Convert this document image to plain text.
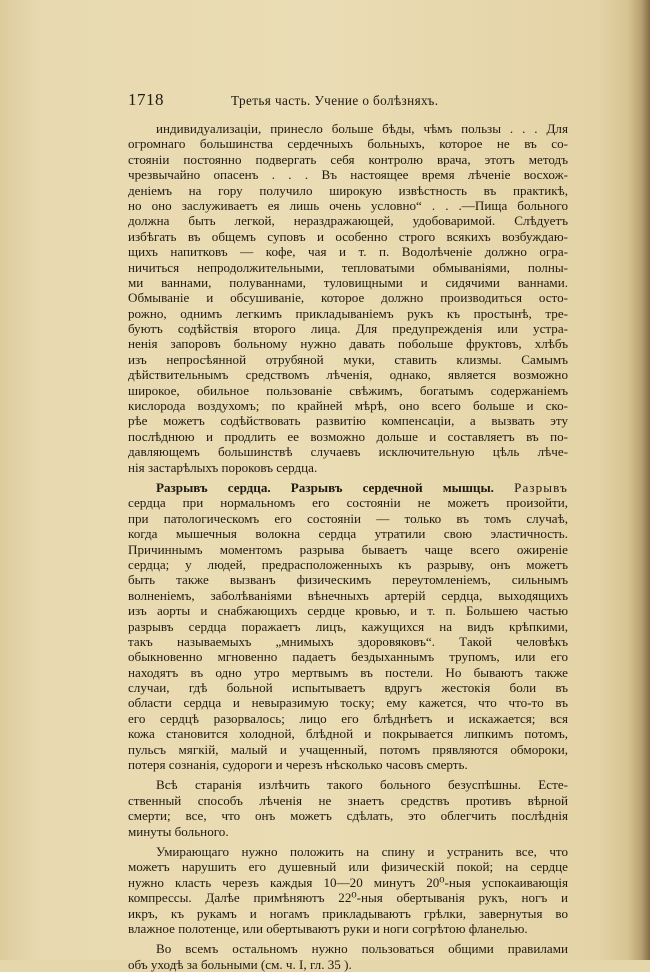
1718	Третья часть. Учение о болѣзняхъ.
индивидуализаціи, принесло больше бѣды, чѣмъ пользы . . . Для
огромнаго большинства сердечныхъ больныхъ, которое не въ со-
стояніи постоянно подвергать себя контролю врача, этотъ методъ
чрезвычайно опасенъ . . . Въ настоящее время лѣченіе восхож-
деніемъ на гору получило широкую извѣстность въ практикѣ,
но оно заслуживаетъ ея лишь очень условно“ . . .—Пища больного
должна быть легкой, нераздражающей, удобоваримой. Слѣдуетъ
избѣгать въ общемъ суповъ и особенно строго всякихъ возбуждаю-
щихъ напитковъ — кофе, чая и т. п. Водолѣченіе должно огра-
ничиться непродолжительными, тепловатыми обмываніями, полны-
ми ваннами, полуваннами, туловищными и сидячими ваннами.
Обмываніе и обсушиваніе, которое должно производиться осто-
рожно, однимъ легкимъ прикладываніемъ рукъ къ простынѣ, тре-
буютъ содѣйствія второго лица. Для предупрежденія или устра-
ненія запоровъ больному нужно давать побольше фруктовъ, хлѣбъ
изъ непросѣянной отрубяной муки, ставить клизмы. Самымъ
дѣйствительнымъ средствомъ лѣченія, однако, является возможно
широкое, обильное пользованіе свѣжимъ, богатымъ содержаніемъ
кислорода воздухомъ; по крайней мѣрѣ, оно всего больше и ско-
рѣе можетъ содѣйствовать развитію компенсаціи, а вызвать эту
послѣднюю и продлить ее возможно дольше и составляетъ въ по-
давляющемъ большинствѣ случаевъ исключительную цѣль лѣче-
нія застарѣлыхъ пороковъ сердца.
Разрывъ сердца. Разрывъ сердечной мышцы. Разрывъ
сердца при нормальномъ его состояніи не можетъ произойти,
при патологическомъ его состояніи — только въ томъ случаѣ,
когда мышечныя волокна сердца утратили свою эластичность.
Причиннымъ моментомъ разрыва бываетъ чаще всего ожиреніе
сердца; у людей, предрасположенныхъ къ разрыву, онъ можетъ
быть также вызванъ физическимъ переутомленіемъ, сильнымъ
волненіемъ, заболѣваніями вѣнечныхъ артерій сердца, выходящихъ
изъ аорты и снабжающихъ сердце кровью, и т. п. Большею частью
разрывъ сердца поражаетъ лицъ, кажущихся на видъ крѣпкими,
такъ называемыхъ „мнимыхъ здоровяковъ“. Такой человѣкъ
обыкновенно мгновенно падаетъ бездыханнымъ трупомъ, или его
находятъ въ одно утро мертвымъ въ постели. Но бываютъ также
случаи, гдѣ больной испытываетъ вдругъ жестокія боли въ
области сердца и невыразимую тоску; ему кажется, что что-то въ
его сердцѣ разорвалось; лицо его блѣднѣетъ и искажается; вся
кожа становится холодной, блѣдной и покрывается липкимъ потомъ,
пульсъ мягкій, малый и учащенный, потомъ прявляются обмороки,
потеря сознанія, судороги и черезъ нѣсколько часовъ смерть.
Всѣ старанія излѣчить такого больного безуспѣшны. Есте-
ственный способъ лѣченія не знаетъ средствъ противъ вѣрной
смерти; все, что онъ можетъ сдѣлать, это облегчить послѣднія
минуты больного.
Умирающаго нужно положить на спину и устранить все, что
можетъ нарушить его душевный или физическій покой; на сердце
нужно класть черезъ каждыя 10—20 минутъ 20⁰-ныя успокаивающія
компрессы. Далѣе примѣняютъ 22⁰-ныя обертыванія рукъ, ногъ и
икръ, къ рукамъ и ногамъ прикладываютъ грѣлки, завернутыя во
влажное полотенце, или обертываютъ руки и ноги согрѣтою фланелью.
Во всемъ остальномъ нужно пользоваться общими правилами
объ уходѣ за больными (см. ч. I, гл. 35 ).
